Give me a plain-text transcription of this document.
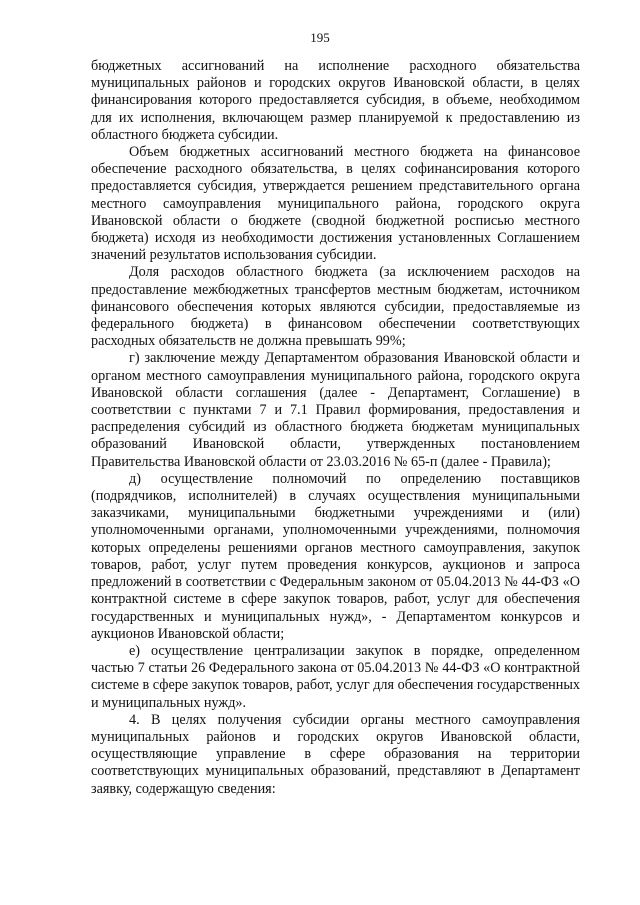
195

бюджетных ассигнований на исполнение расходного обязательства муниципальных районов и городских округов Ивановской области, в целях финансирования которого предоставляется субсидия, в объеме, необходимом для их исполнения, включающем размер планируемой к предоставлению из областного бюджета субсидии.

Объем бюджетных ассигнований местного бюджета на финансовое обеспечение расходного обязательства, в целях софинансирования которого предоставляется субсидия, утверждается решением представительного органа местного самоуправления муниципального района, городского округа Ивановской области о бюджете (сводной бюджетной росписью местного бюджета) исходя из необходимости достижения установленных Соглашением значений результатов использования субсидии.

Доля расходов областного бюджета (за исключением расходов на предоставление межбюджетных трансфертов местным бюджетам, источником финансового обеспечения которых являются субсидии, предоставляемые из федерального бюджета) в финансовом обеспечении соответствующих расходных обязательств не должна превышать 99%;

г) заключение между Департаментом образования Ивановской области и органом местного самоуправления муниципального района, городского округа Ивановской области соглашения (далее - Департамент, Соглашение) в соответствии с пунктами 7 и 7.1 Правил формирования, предоставления и распределения субсидий из областного бюджета бюджетам муниципальных образований Ивановской области, утвержденных постановлением Правительства Ивановской области от 23.03.2016 № 65-п (далее - Правила);

д) осуществление полномочий по определению поставщиков (подрядчиков, исполнителей) в случаях осуществления муниципальными заказчиками, муниципальными бюджетными учреждениями и (или) уполномоченными органами, уполномоченными учреждениями, полномочия которых определены решениями органов местного самоуправления, закупок товаров, работ, услуг путем проведения конкурсов, аукционов и запроса предложений в соответствии с Федеральным законом от 05.04.2013 № 44-ФЗ «О контрактной системе в сфере закупок товаров, работ, услуг для обеспечения государственных и муниципальных нужд», - Департаментом конкурсов и аукционов Ивановской области;

е) осуществление централизации закупок в порядке, определенном частью 7 статьи 26 Федерального закона от 05.04.2013 № 44-ФЗ «О контрактной системе в сфере закупок товаров, работ, услуг для обеспечения государственных и муниципальных нужд».

4. В целях получения субсидии органы местного самоуправления муниципальных районов и городских округов Ивановской области, осуществляющие управление в сфере образования на территории соответствующих муниципальных образований, представляют в Департамент заявку, содержащую сведения:
